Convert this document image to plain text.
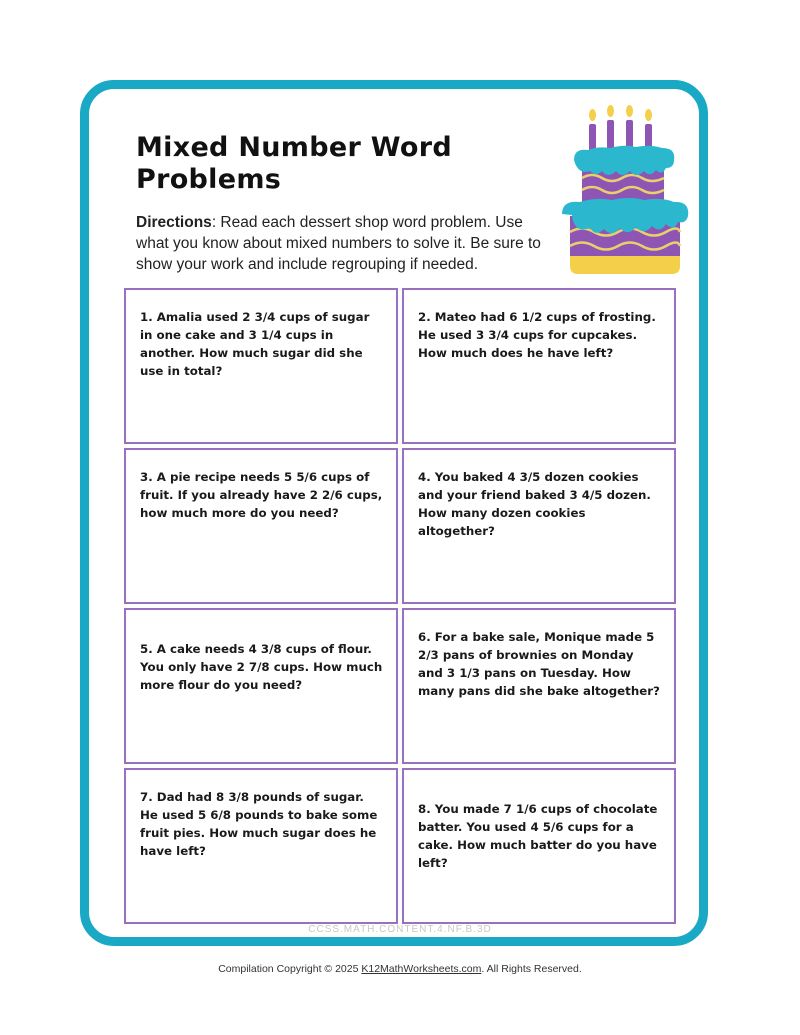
Mixed Number Word Problems

Directions: Read each dessert shop word problem. Use what you know about mixed numbers to solve it. Be sure to show your work and include regrouping if needed.

1. Amalia used 2 3/4 cups of sugar in one cake and 3 1/4 cups in another. How much sugar did she use in total?

2. Mateo had 6 1/2 cups of frosting. He used 3 3/4 cups for cupcakes. How much does he have left?

3. A pie recipe needs 5 5/6 cups of fruit. If you already have 2 2/6 cups, how much more do you need?

4. You baked 4 3/5 dozen cookies and your friend baked 3 4/5 dozen. How many dozen cookies altogether?

5. A cake needs 4 3/8 cups of flour. You only have 2 7/8 cups. How much more flour do you need?

6. For a bake sale, Monique made 5 2/3 pans of brownies on Monday and 3 1/3 pans on Tuesday. How many pans did she bake altogether?

7. Dad had 8 3/8 pounds of sugar. He used 5 6/8 pounds to bake some fruit pies. How much sugar does he have left?

8. You made 7 1/6 cups of chocolate batter. You used 4 5/6 cups for a cake. How much batter do you have left?

CCSS.MATH.CONTENT.4.NF.B.3D
Compilation Copyright © 2025 K12MathWorksheets.com. All Rights Reserved.
